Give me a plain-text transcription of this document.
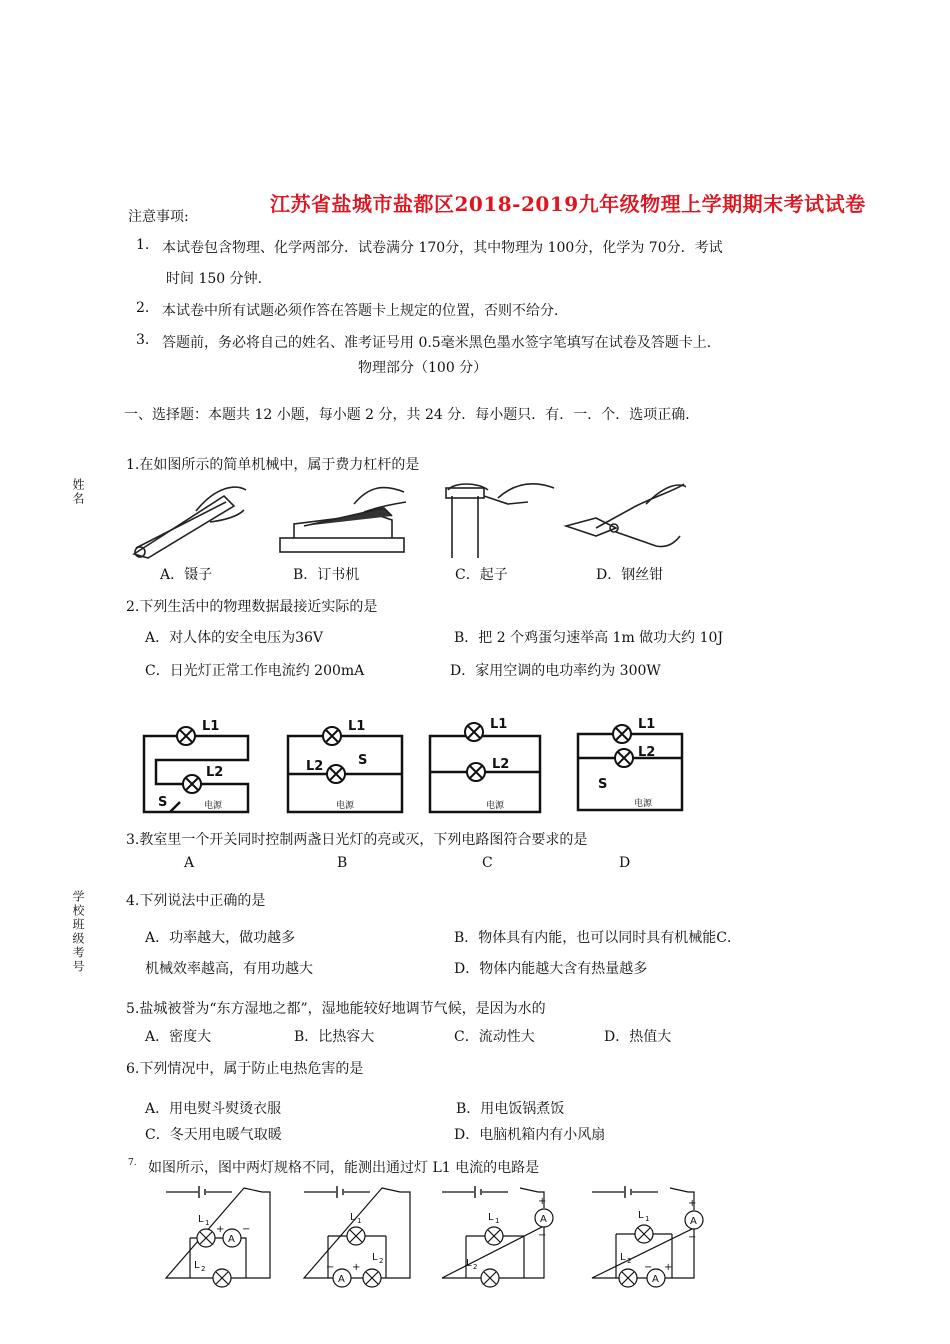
江苏省盐城市盐都区2018-2019九年级物理上学期期末考试试卷
注意事项:
1. 本试卷包含物理、化学两部分．试卷满分 170分，其中物理为 100分，化学为 70分．考试
时间 150 分钟．
2. 本试卷中所有试题必须作答在答题卡上规定的位置，否则不给分．
3. 答题前，务必将自己的姓名、准考证号用 0.5毫米黑色墨水签字笔填写在试卷及答题卡上．
物理部分（100 分）
一、选择题：本题共 12 小题，每小题 2 分，共 24 分．每小题只．有．一．个．选项正确．
姓名
学校班级考号
1.在如图所示的简单机械中，属于费力杠杆的是
A．镊子	B．订书机	C．起子	D．钢丝钳
2.下列生活中的物理数据最接近实际的是
A．对人体的安全电压为36V	B．把 2 个鸡蛋匀速举高 1m 做功大约 10J
C．日光灯正常工作电流约 200mA	D．家用空调的电功率约为 300W
L1
L2
S
L1
L2	S
L1
L2
L1
L2
S
电源	电源	电源	电源
3.教室里一个开关同时控制两盏日光灯的亮或灭，下列电路图符合要求的是
A	B	C	D
4.下列说法中正确的是
A．功率越大，做功越多	B．物体具有内能，也可以同时具有机械能C．
机械效率越高，有用功越大	D．物体内能越大含有热量越多
5.盐城被誉为“东方湿地之都”，湿地能较好地调节气候，是因为水的
A．密度大	B．比热容大	C．流动性大	D．热值大
6.下列情况中，属于防止电热危害的是
A．用电熨斗熨烫衣服	B．用电饭锅煮饭
C．冬天用电暖气取暖	D．电脑机箱内有小风扇
7. 如图所示，图中两灯规格不同，能测出通过灯 L1 电流的电路是
A
A
A	A
A
L 1
L 2
L 1
L 2
L 1
L 2
L 1
L 2
+ −
− +
+
−
+
−
− +
